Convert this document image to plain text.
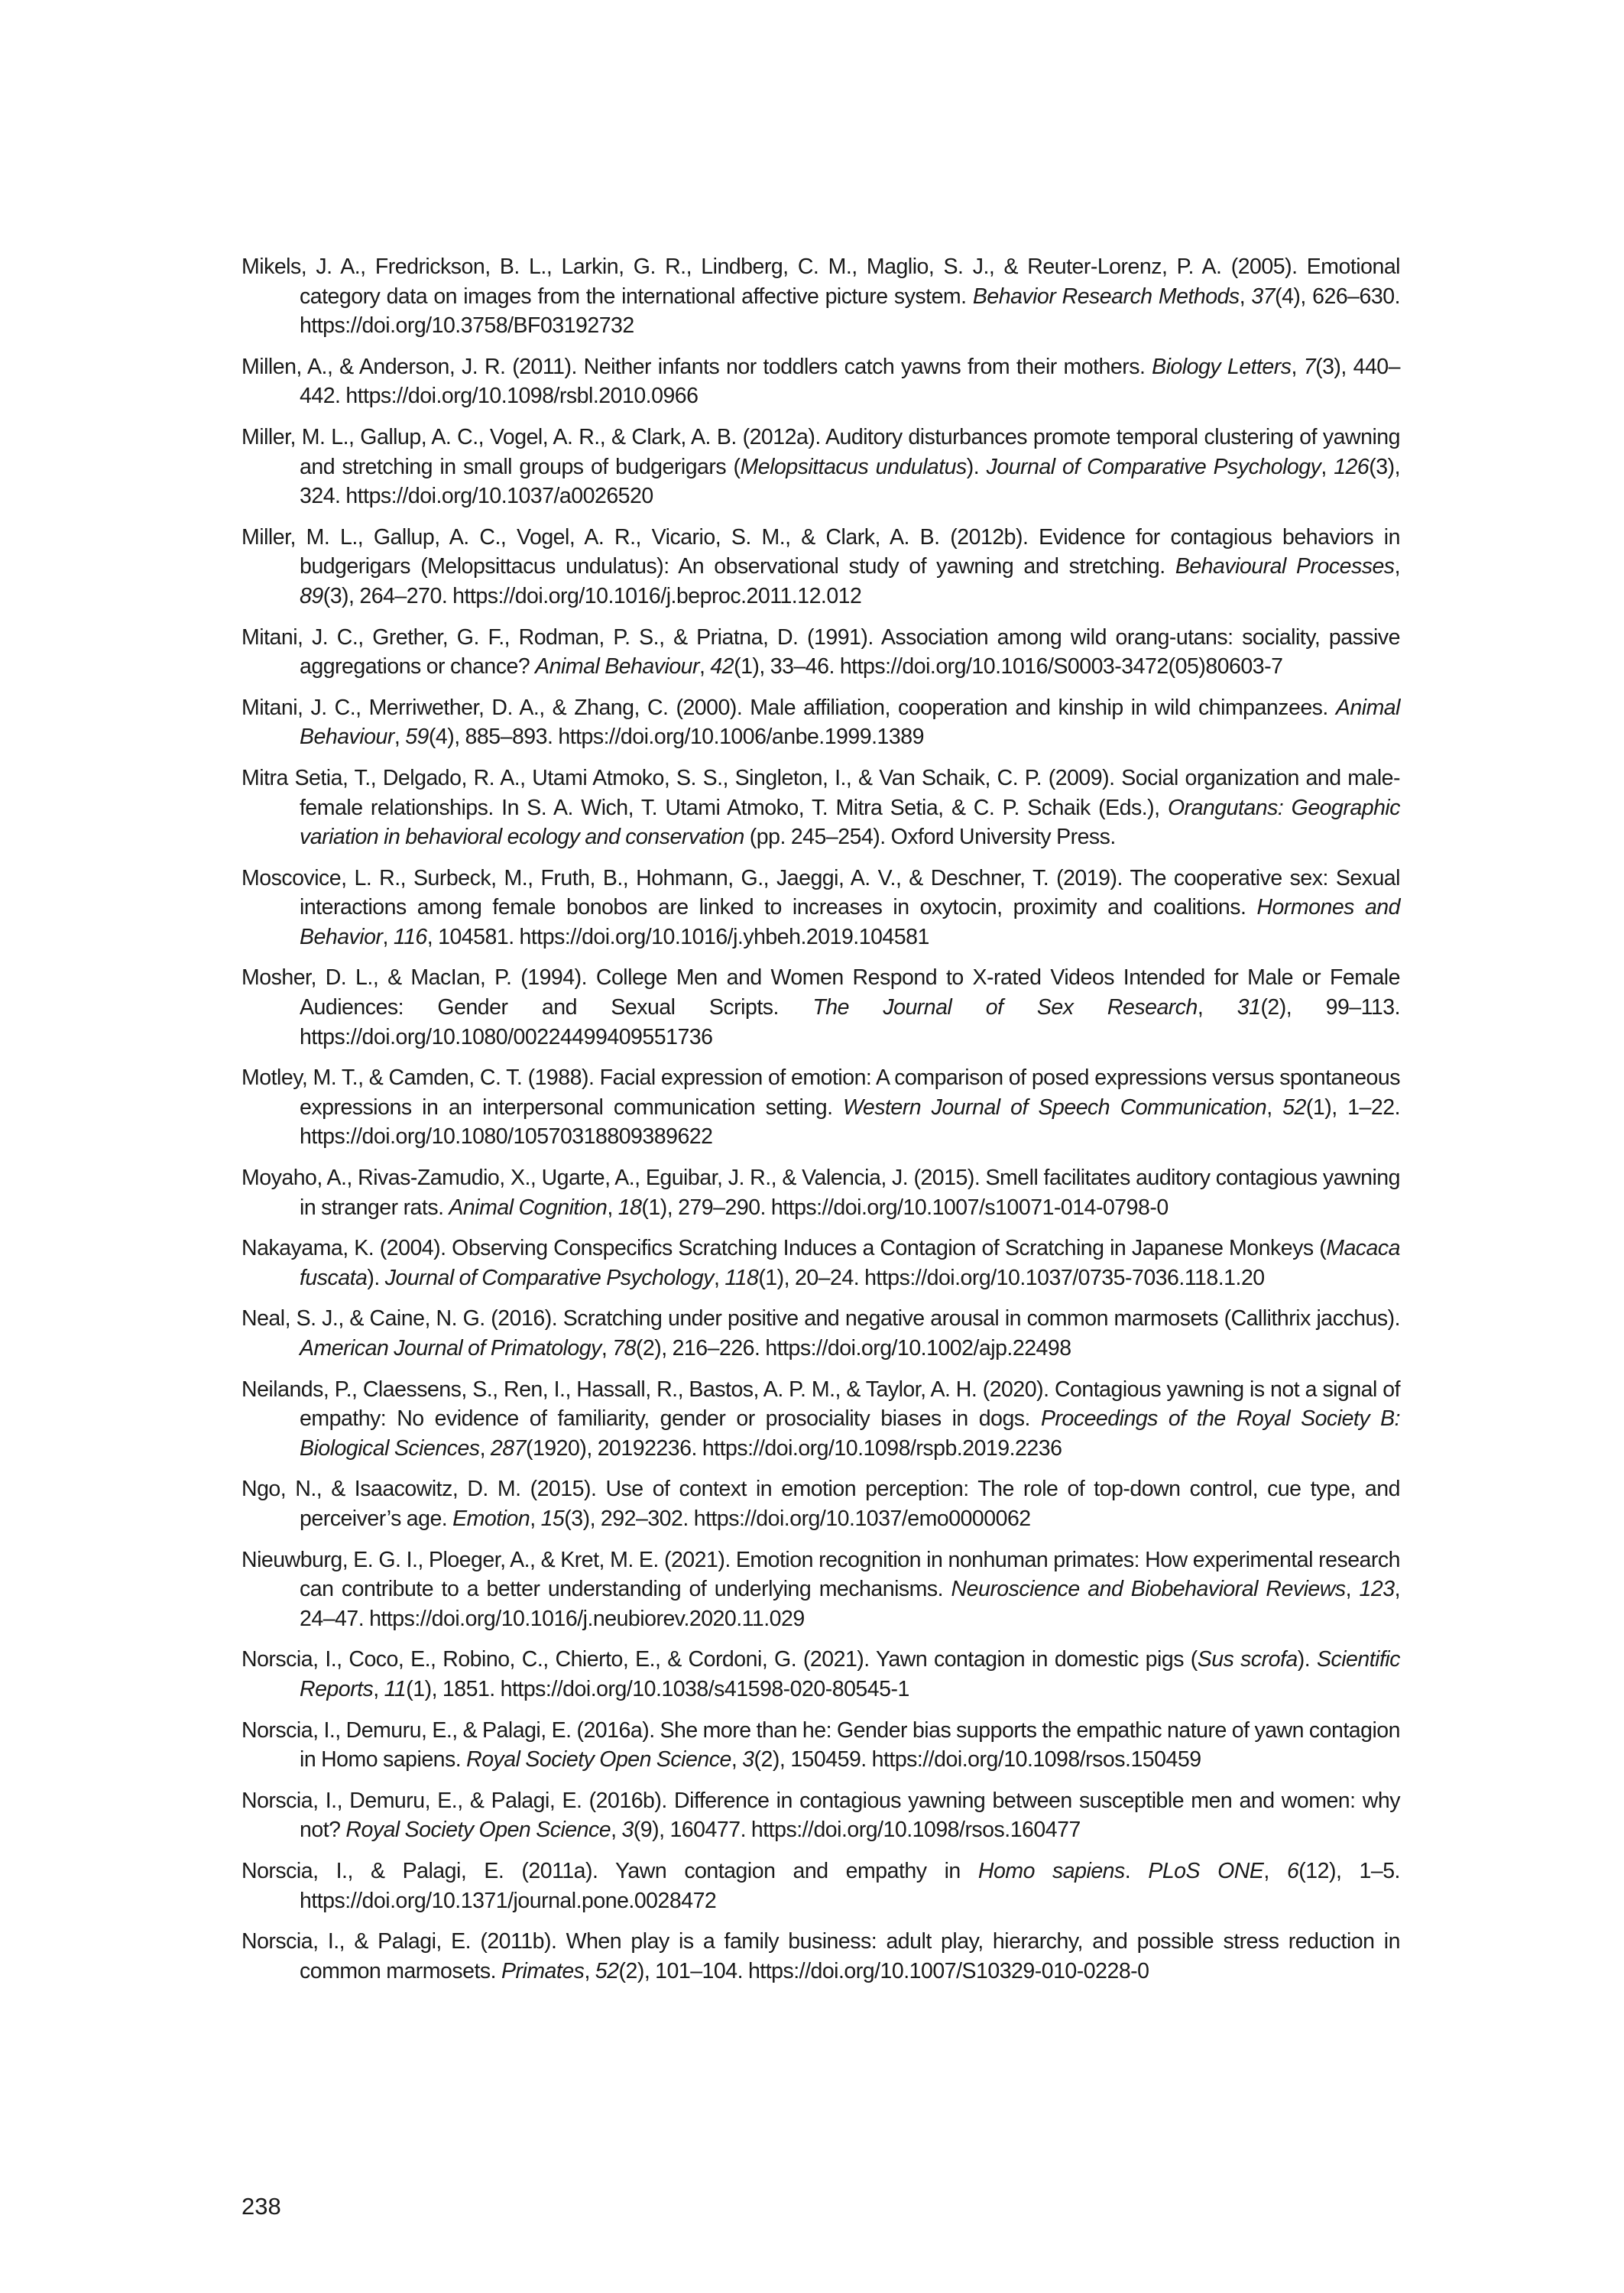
Mikels, J. A., Fredrickson, B. L., Larkin, G. R., Lindberg, C. M., Maglio, S. J., & Reuter-Lorenz, P. A. (2005). Emotional category data on images from the international affective picture system. Behavior Research Methods, 37(4), 626–630. https://doi.org/10.3758/BF03192732
Millen, A., & Anderson, J. R. (2011). Neither infants nor toddlers catch yawns from their mothers. Biology Letters, 7(3), 440–442. https://doi.org/10.1098/rsbl.2010.0966
Miller, M. L., Gallup, A. C., Vogel, A. R., & Clark, A. B. (2012a). Auditory disturbances promote temporal clustering of yawning and stretching in small groups of budgerigars (Melopsittacus undulatus). Journal of Comparative Psychology, 126(3), 324. https://doi.org/10.1037/a0026520
Miller, M. L., Gallup, A. C., Vogel, A. R., Vicario, S. M., & Clark, A. B. (2012b). Evidence for contagious behaviors in budgerigars (Melopsittacus undulatus): An observational study of yawning and stretching. Behavioural Processes, 89(3), 264–270. https://doi.org/10.1016/j.beproc.2011.12.012
Mitani, J. C., Grether, G. F., Rodman, P. S., & Priatna, D. (1991). Association among wild orang-utans: sociality, passive aggregations or chance? Animal Behaviour, 42(1), 33–46. https://doi.org/10.1016/S0003-3472(05)80603-7
Mitani, J. C., Merriwether, D. A., & Zhang, C. (2000). Male affiliation, cooperation and kinship in wild chimpanzees. Animal Behaviour, 59(4), 885–893. https://doi.org/10.1006/anbe.1999.1389
Mitra Setia, T., Delgado, R. A., Utami Atmoko, S. S., Singleton, I., & Van Schaik, C. P. (2009). Social organization and male-female relationships. In S. A. Wich, T. Utami Atmoko, T. Mitra Setia, & C. P. Schaik (Eds.), Orangutans: Geographic variation in behavioral ecology and conservation (pp. 245–254). Oxford University Press.
Moscovice, L. R., Surbeck, M., Fruth, B., Hohmann, G., Jaeggi, A. V., & Deschner, T. (2019). The cooperative sex: Sexual interactions among female bonobos are linked to increases in oxytocin, proximity and coalitions. Hormones and Behavior, 116, 104581. https://doi.org/10.1016/j.yhbeh.2019.104581
Mosher, D. L., & MacIan, P. (1994). College Men and Women Respond to X-rated Videos Intended for Male or Female Audiences: Gender and Sexual Scripts. The Journal of Sex Research, 31(2), 99–113. https://doi.org/10.1080/00224499409551736
Motley, M. T., & Camden, C. T. (1988). Facial expression of emotion: A comparison of posed expressions versus spontaneous expressions in an interpersonal communication setting. Western Journal of Speech Communication, 52(1), 1–22. https://doi.org/10.1080/10570318809389622
Moyaho, A., Rivas-Zamudio, X., Ugarte, A., Eguibar, J. R., & Valencia, J. (2015). Smell facilitates auditory contagious yawning in stranger rats. Animal Cognition, 18(1), 279–290. https://doi.org/10.1007/s10071-014-0798-0
Nakayama, K. (2004). Observing Conspecifics Scratching Induces a Contagion of Scratching in Japanese Monkeys (Macaca fuscata). Journal of Comparative Psychology, 118(1), 20–24. https://doi.org/10.1037/0735-7036.118.1.20
Neal, S. J., & Caine, N. G. (2016). Scratching under positive and negative arousal in common marmosets (Callithrix jacchus). American Journal of Primatology, 78(2), 216–226. https://doi.org/10.1002/ajp.22498
Neilands, P., Claessens, S., Ren, I., Hassall, R., Bastos, A. P. M., & Taylor, A. H. (2020). Contagious yawning is not a signal of empathy: No evidence of familiarity, gender or prosociality biases in dogs. Proceedings of the Royal Society B: Biological Sciences, 287(1920), 20192236. https://doi.org/10.1098/rspb.2019.2236
Ngo, N., & Isaacowitz, D. M. (2015). Use of context in emotion perception: The role of top-down control, cue type, and perceiver’s age. Emotion, 15(3), 292–302. https://doi.org/10.1037/emo0000062
Nieuwburg, E. G. I., Ploeger, A., & Kret, M. E. (2021). Emotion recognition in nonhuman primates: How experimental research can contribute to a better understanding of underlying mechanisms. Neuroscience and Biobehavioral Reviews, 123, 24–47. https://doi.org/10.1016/j.neubiorev.2020.11.029
Norscia, I., Coco, E., Robino, C., Chierto, E., & Cordoni, G. (2021). Yawn contagion in domestic pigs (Sus scrofa). Scientific Reports, 11(1), 1851. https://doi.org/10.1038/s41598-020-80545-1
Norscia, I., Demuru, E., & Palagi, E. (2016a). She more than he: Gender bias supports the empathic nature of yawn contagion in Homo sapiens. Royal Society Open Science, 3(2), 150459. https://doi.org/10.1098/rsos.150459
Norscia, I., Demuru, E., & Palagi, E. (2016b). Difference in contagious yawning between susceptible men and women: why not? Royal Society Open Science, 3(9), 160477. https://doi.org/10.1098/rsos.160477
Norscia, I., & Palagi, E. (2011a). Yawn contagion and empathy in Homo sapiens. PLoS ONE, 6(12), 1–5. https://doi.org/10.1371/journal.pone.0028472
Norscia, I., & Palagi, E. (2011b). When play is a family business: adult play, hierarchy, and possible stress reduction in common marmosets. Primates, 52(2), 101–104. https://doi.org/10.1007/S10329-010-0228-0

238
